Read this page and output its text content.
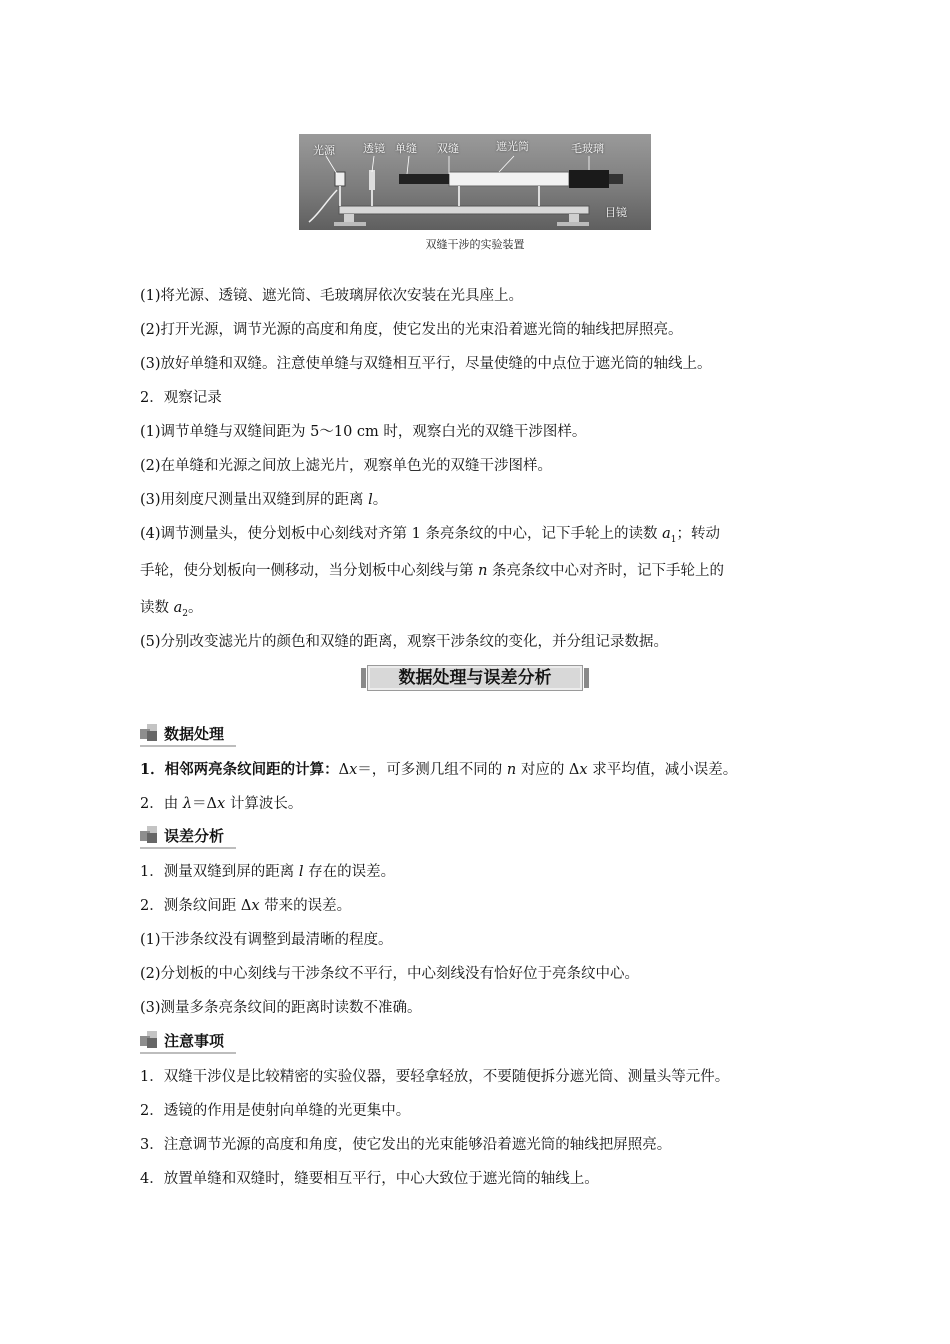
光源	透镜 单缝 双缝	遮光筒	毛玻璃
目镜
双缝干涉的实验装置
(1)将光源、透镜、遮光筒、毛玻璃屏依次安装在光具座上。
(2)打开光源，调节光源的高度和角度，使它发出的光束沿着遮光筒的轴线把屏照亮。
(3)放好单缝和双缝。注意使单缝与双缝相互平行，尽量使缝的中点位于遮光筒的轴线上。
2．观察记录
(1)调节单缝与双缝间距为 5～10 cm 时，观察白光的双缝干涉图样。
(2)在单缝和光源之间放上滤光片，观察单色光的双缝干涉图样。
(3)用刻度尺测量出双缝到屏的距离 l。
(4)调节测量头，使分划板中心刻线对齐第 1 条亮条纹的中心，记下手轮上的读数 $a_1$；转动
手轮，使分划板向一侧移动，当分划板中心刻线与第 n 条亮条纹中心对齐时，记下手轮上的
读数 $a_2$。
(5)分别改变滤光片的颜色和双缝的距离，观察干涉条纹的变化，并分组记录数据。
数据处理与误差分析
数据处理
1．相邻两亮条纹间距的计算：Δx＝，可多测几组不同的 n 对应的 Δx 求平均值，减小误差。
2．由 λ＝Δx 计算波长。
误差分析
1．测量双缝到屏的距离 l 存在的误差。
2．测条纹间距 Δx 带来的误差。
(1)干涉条纹没有调整到最清晰的程度。
(2)分划板的中心刻线与干涉条纹不平行，中心刻线没有恰好位于亮条纹中心。
(3)测量多条亮条纹间的距离时读数不准确。
注意事项
1．双缝干涉仪是比较精密的实验仪器，要轻拿轻放，不要随便拆分遮光筒、测量头等元件。
2．透镜的作用是使射向单缝的光更集中。
3．注意调节光源的高度和角度，使它发出的光束能够沿着遮光筒的轴线把屏照亮。
4．放置单缝和双缝时，缝要相互平行，中心大致位于遮光筒的轴线上。
